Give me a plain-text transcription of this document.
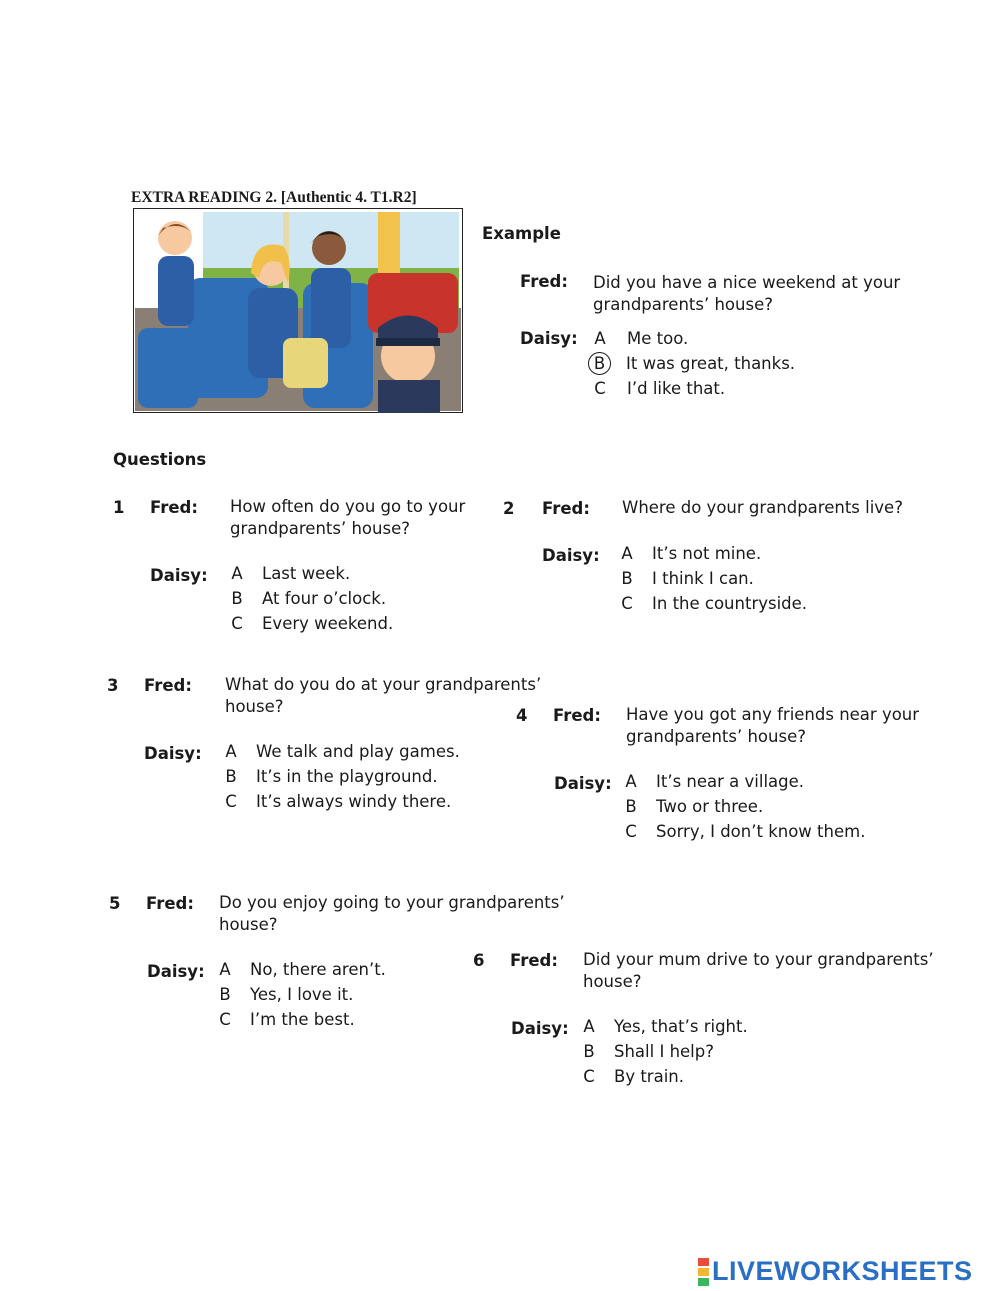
EXTRA READING 2. [Authentic 4. T1.R2]
Example
Fred: Did you have a nice weekend at your
grandparents’ house?
Daisy: A Me too.
B	It was great, thanks.
C I’d like that.
Questions
1 Fred: How often do you go to your
grandparents’ house?
Daisy: A Last week.
B At four o’clock.
C Every weekend.
2 Fred: Where do your grandparents live?
Daisy: A It’s not mine.
B I think I can.
C In the countryside.
3 Fred: What do you do at your grandparents’
house?
Daisy: A We talk and play games.
B It’s in the playground.
C It’s always windy there.
4 Fred: Have you got any friends near your
grandparents’ house?
Daisy: A It’s near a village.
B Two or three.
C Sorry, I don’t know them.
5 Fred: Do you enjoy going to your grandparents’
house?
Daisy: A No, there aren’t.
B Yes, I love it.
C I’m the best.
6 Fred: Did your mum drive to your grandparents’
house?
Daisy: A Yes, that’s right.
B Shall I help?
C By train.
LIVEWORKSHEETS
